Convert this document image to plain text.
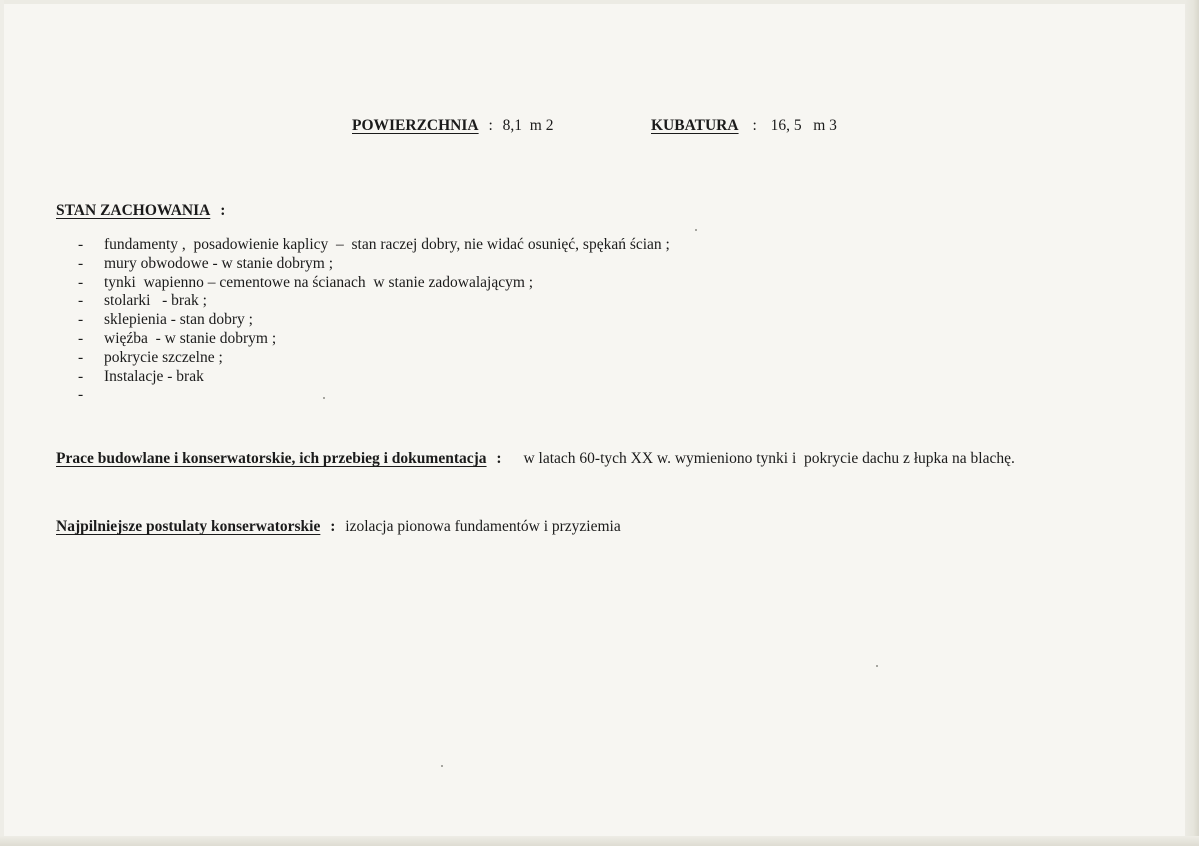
POWIERZCHNIA : 8,1  m 2	KUBATURA : 16, 5   m 3
STAN ZACHOWANIA :
- fundamenty ,  posadowienie kaplicy  –  stan raczej dobry, nie widać osunięć, spękań ścian ;
- mury obwodowe - w stanie dobrym ;
- tynki  wapienno – cementowe na ścianach  w stanie zadowalającym ;
- stolarki   - brak ;
- sklepienia - stan dobry ;
- więźba  - w stanie dobrym ;
- pokrycie szczelne ;
- Instalacje - brak
-
Prace budowlane i konserwatorskie, ich przebieg i dokumentacja : w latach 60-tych XX w. wymieniono tynki i  pokrycie dachu z łupka na blachę.
Najpilniejsze postulaty konserwatorskie : izolacja pionowa fundamentów i przyziemia
